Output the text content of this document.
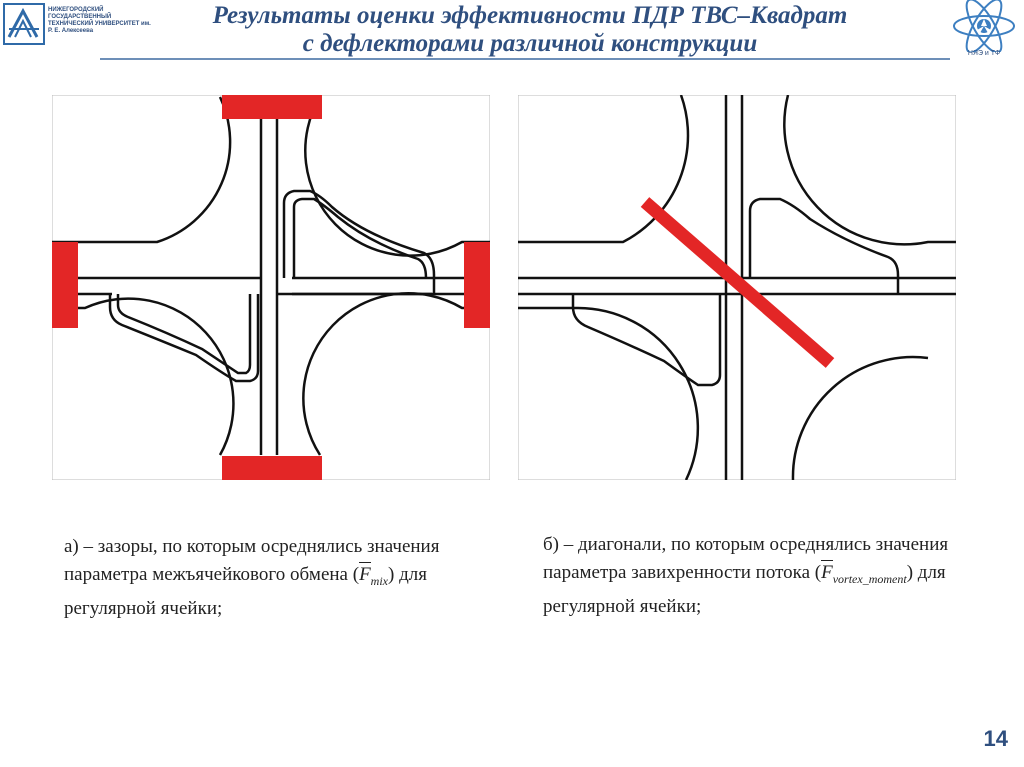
НИЖЕГОРОДСКИЙ ГОСУДАРСТВЕННЫЙ ТЕХНИЧЕСКИЙ УНИВЕРСИТЕТ им. Р. Е. Алексеева
Результаты оценки эффективности ПДР ТВС–Квадрат
с дефлекторами различной конструкции	НЯЭ и ТФ
а) – зазоры, по которым осреднялись значения параметра межъячейкового обмена $(F_{mix})$ для регулярной ячейки;
б) – диагонали, по которым осреднялись значения параметра завихренности потока $(F_{vortex\_moment})$ для регулярной ячейки;
14
